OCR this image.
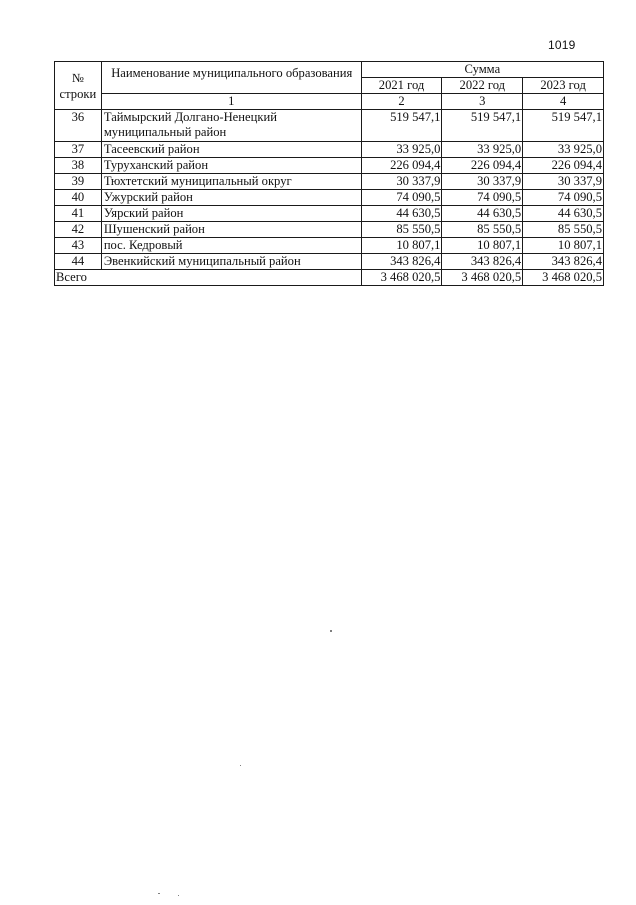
1019
№
строки	Наименование муниципального образования	Сумма		
		2021 год	2022 год	2023 год
	1	2	3	4
36	Таймырский Долгано-Ненецкий муниципальный район	519 547,1	519 547,1	519 547,1
37	Тасеевский район	33 925,0	33 925,0	33 925,0
38	Туруханский район	226 094,4	226 094,4	226 094,4
39	Тюхтетский муниципальный округ	30 337,9	30 337,9	30 337,9
40	Ужурский район	74 090,5	74 090,5	74 090,5
41	Уярский район	44 630,5	44 630,5	44 630,5
42	Шушенский район	85 550,5	85 550,5	85 550,5
43	пос. Кедровый	10 807,1	10 807,1	10 807,1
44	Эвенкийский муниципальный район	343 826,4	343 826,4	343 826,4
Всего		3 468 020,5	3 468 020,5	3 468 020,5
